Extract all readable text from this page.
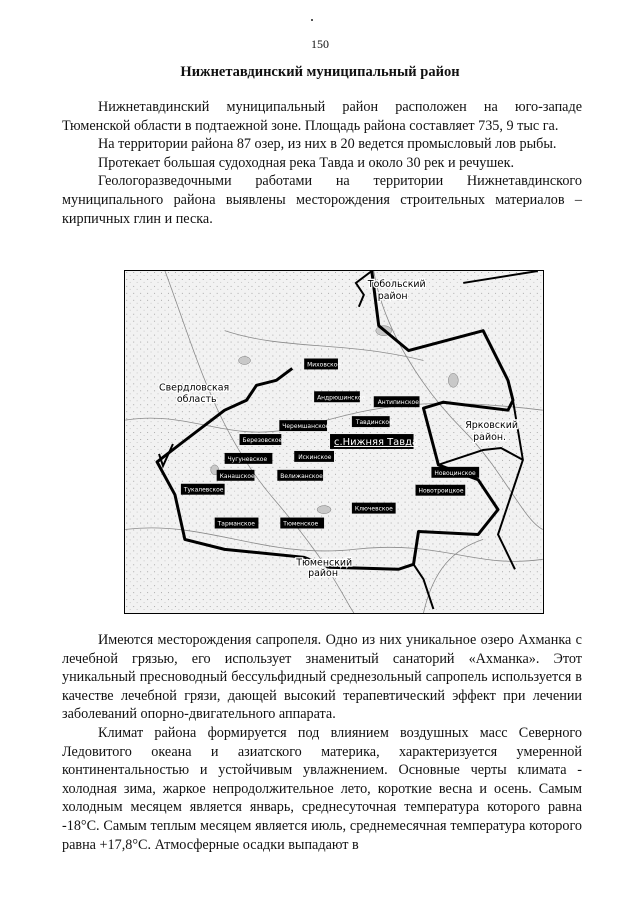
150
Нижнетавдинский муниципальный район

Нижнетавдинский муниципальный район расположен на юго-западе Тюменской области в подтаежной зоне. Площадь района составляет 735, 9 тыс га.

На территории района 87 озер, из них в 20 ведется промысловый лов рыбы.

Протекает большая судоходная река Тавда и около 30 рек и речушек.

Геологоразведочными работами на территории Нижнетавдинского муниципального района выявлены месторождения строительных материалов – кирпичных глин и песка.

Тобольский
район
Свердловская
область
Ярковский
район.
Тюменский
район
Миховское
Андрюшинское
Антипинское
Черемшанское
Тавдинское
Березовское
Чугуневское	Искинское
Канашское	Велижанское	Новоцинское
Новотроицкое
Тукалевское
Ключевское
Тарманское	Тюменское
с.Нижняя Тавда

Имеются месторождения сапропеля. Одно из них уникальное озеро Ахманка с лечебной грязью, его использует знаменитый санаторий «Ахманка». Этот уникальный пресноводный бессульфидный среднезольный сапропель используется в качестве лечебной грязи, дающей высокий терапевтический эффект при лечении заболеваний опорно-двигательного аппарата.

Климат района формируется под влиянием воздушных масс Северного Ледовитого океана и азиатского материка, характеризуется умеренной континентальностью и устойчивым увлажнением. Основные черты климата - холодная зима, жаркое непродолжительное лето, короткие весна и осень. Самым холодным месяцем является январь, среднесуточная температура которого равна -18°С. Самым теплым месяцем является июль, среднемесячная температура которого равна +17,8°С. Атмосферные осадки выпадают в
